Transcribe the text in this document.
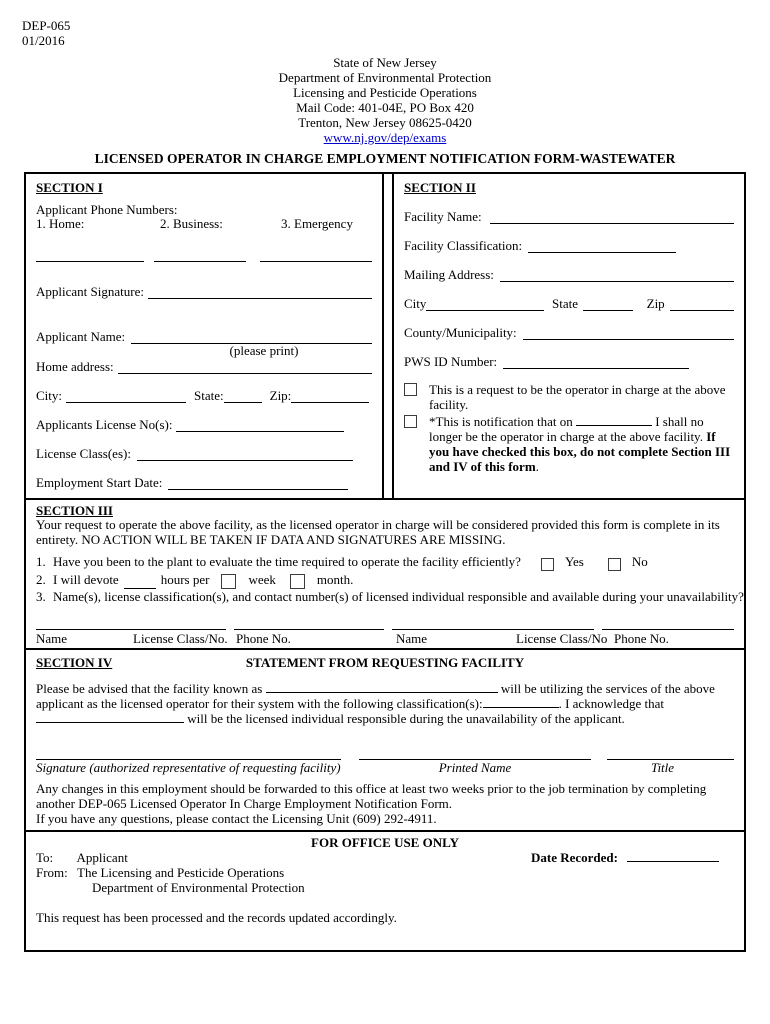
DEP-065
01/2016
State of New Jersey
Department of Environmental Protection
Licensing and Pesticide Operations
Mail Code: 401-04E, PO Box 420
Trenton, New Jersey 08625-0420
www.nj.gov/dep/exams
LICENSED OPERATOR IN CHARGE EMPLOYMENT NOTIFICATION FORM-WASTEWATER
SECTION I
Applicant Phone Numbers:
1. Home:	2. Business:	3. Emergency
Applicant Signature:
Applicant Name:
(please print)
Home address:
City:	State:	Zip:
Applicants License No(s):
License Class(es):
Employment Start Date:
SECTION II
Facility Name:
Facility Classification:
Mailing Address:
City	State	Zip
County/Municipality:
PWS ID Number:
This is a request to be the operator in charge at the above facility.
*This is notification that on	I shall no longer be the operator in charge at the above facility. If you have checked this box, do not complete Section III and IV of this form.
SECTION III
Your request to operate the above facility, as the licensed operator in charge will be considered provided this form is complete in its entirety. NO ACTION WILL BE TAKEN IF DATA AND SIGNATURES ARE MISSING.
1. Have you been to the plant to evaluate the time required to operate the facility efficiently?	Yes	No
2. I will devote	hours per	week	month.
3. Name(s), license classification(s), and contact number(s) of licensed individual responsible and available during your unavailability?
Name	License Class/No. Phone No.	Name	License Class/No Phone No.
SECTION IV	STATEMENT FROM REQUESTING FACILITY
Please be advised that the facility known as	will be utilizing the services of the above applicant as the licensed operator for their system with the following classification(s):	. I acknowledge that  will be the licensed individual responsible during the unavailability of the applicant.
Signature (authorized representative of requesting facility)	Printed Name	Title
Any changes in this employment should be forwarded to this office at least two weeks prior to the job termination by completing another DEP-065 Licensed Operator In Charge Employment Notification Form.
If you have any questions, please contact the Licensing Unit (609) 292-4911.
FOR OFFICE USE ONLY
To: Applicant	Date Recorded:
From: The Licensing and Pesticide Operations
Department of Environmental Protection
This request has been processed and the records updated accordingly.
